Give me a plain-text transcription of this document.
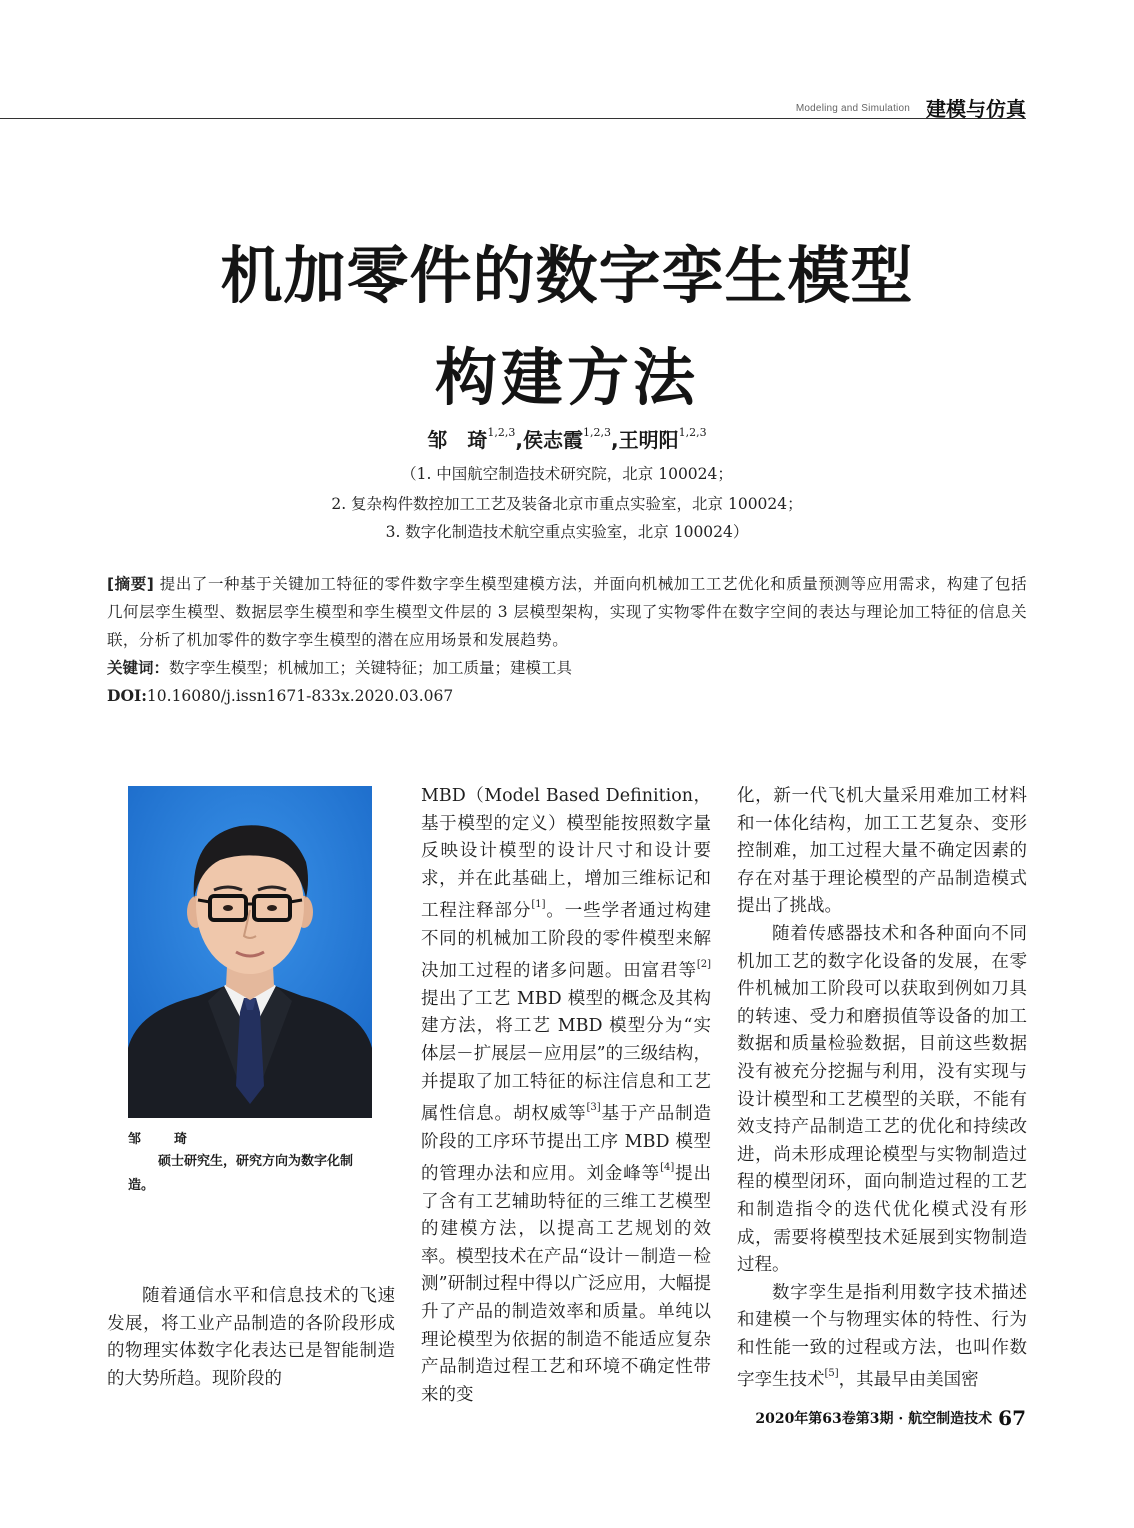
Modeling and Simulation 建模与仿真
机加零件的数字孪生模型
构建方法
邹　琦$^{1,2,3}$,侯志霞$^{1,2,3}$,王明阳$^{1,2,3}$
（1. 中国航空制造技术研究院，北京 100024；
2. 复杂构件数控加工工艺及装备北京市重点实验室，北京 100024；
3. 数字化制造技术航空重点实验室，北京 100024）
[摘要] 提出了一种基于关键加工特征的零件数字孪生模型建模方法，并面向机械加工工艺优化和质量预测等应用需求，构建了包括几何层孪生模型、数据层孪生模型和孪生模型文件层的 3 层模型架构，实现了实物零件在数字空间的表达与理论加工特征的信息关联，分析了机加零件的数字孪生模型的潜在应用场景和发展趋势。
关键词：数字孪生模型；机械加工；关键特征；加工质量；建模工具
DOI:10.16080/j.issn1671-833x.2020.03.067
邹　琦
硕士研究生，研究方向为数字化制造。

随着通信水平和信息技术的飞速发展，将工业产品制造的各阶段形成的物理实体数字化表达已是智能制造的大势所趋。现阶段的

MBD（Model Based Definition，基于模型的定义）模型能按照数字量反映设计模型的设计尺寸和设计要求，并在此基础上，增加三维标记和工程注释部分[1]。一些学者通过构建不同的机械加工阶段的零件模型来解决加工过程的诸多问题。田富君等[2]提出了工艺 MBD 模型的概念及其构建方法，将工艺 MBD 模型分为“实体层－扩展层－应用层”的三级结构，并提取了加工特征的标注信息和工艺属性信息。胡权威等[3]基于产品制造阶段的工序环节提出工序 MBD 模型的管理办法和应用。刘金峰等[4]提出了含有工艺辅助特征的三维工艺模型的建模方法，以提高工艺规划的效率。模型技术在产品“设计－制造－检测”研制过程中得以广泛应用，大幅提升了产品的制造效率和质量。单纯以理论模型为依据的制造不能适应复杂产品制造过程工艺和环境不确定性带来的变

化，新一代飞机大量采用难加工材料和一体化结构，加工工艺复杂、变形控制难，加工过程大量不确定因素的存在对基于理论模型的产品制造模式提出了挑战。

随着传感器技术和各种面向不同机加工艺的数字化设备的发展，在零件机械加工阶段可以获取到例如刀具的转速、受力和磨损值等设备的加工数据和质量检验数据，目前这些数据没有被充分挖掘与利用，没有实现与设计模型和工艺模型的关联，不能有效支持产品制造工艺的优化和持续改进，尚未形成理论模型与实物制造过程的模型闭环，面向制造过程的工艺和制造指令的迭代优化模式没有形成，需要将模型技术延展到实物制造过程。

数字孪生是指利用数字技术描述和建模一个与物理实体的特性、行为和性能一致的过程或方法，也叫作数字孪生技术[5]，其最早由美国密

2020年第63卷第3期 · 航空制造技术 67
